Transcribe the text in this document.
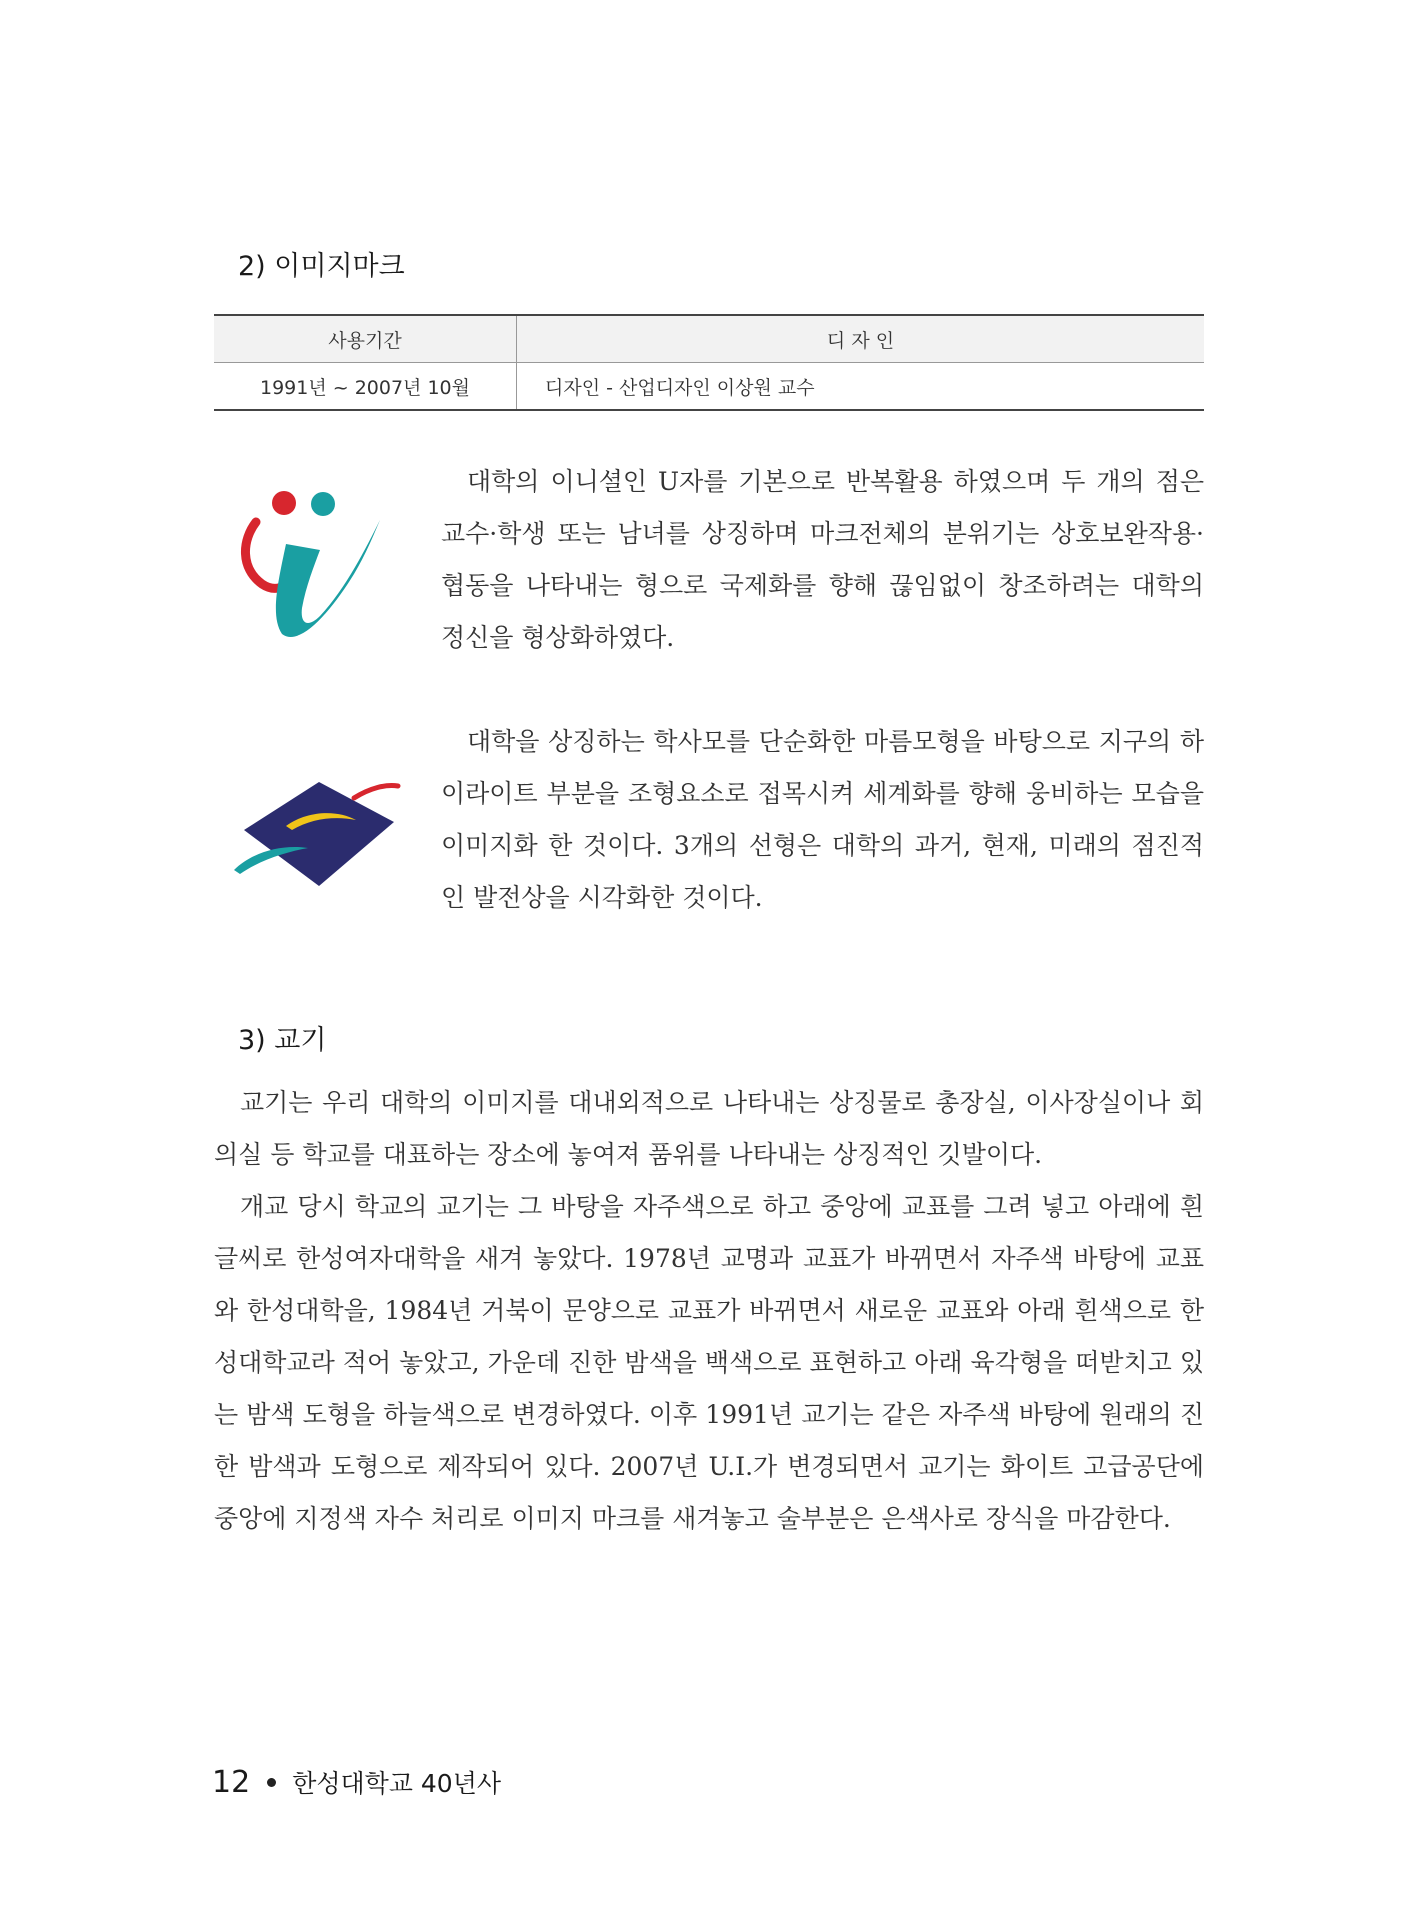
2) 이미지마크
사용기간	디 자 인
1991년 ~ 2007년 10월	디자인 - 산업디자인 이상원 교수

대학의 이니셜인 U자를 기본으로 반복활용 하였으며 두 개의 점은 교수·학생 또는 남녀를 상징하며 마크전체의 분위기는 상호보완작용·협동을 나타내는 형으로 국제화를 향해 끊임없이 창조하려는 대학의 정신을 형상화하였다.

대학을 상징하는 학사모를 단순화한 마름모형을 바탕으로 지구의 하이라이트 부분을 조형요소로 접목시켜 세계화를 향해 웅비하는 모습을 이미지화 한 것이다. 3개의 선형은 대학의 과거, 현재, 미래의 점진적인 발전상을 시각화한 것이다.

3) 교기

교기는 우리 대학의 이미지를 대내외적으로 나타내는 상징물로 총장실, 이사장실이나 회의실 등 학교를 대표하는 장소에 놓여져 품위를 나타내는 상징적인 깃발이다.

개교 당시 학교의 교기는 그 바탕을 자주색으로 하고 중앙에 교표를 그려 넣고 아래에 흰 글씨로 한성여자대학을 새겨 놓았다. 1978년 교명과 교표가 바뀌면서 자주색 바탕에 교표와 한성대학을, 1984년 거북이 문양으로 교표가 바뀌면서 새로운 교표와 아래 흰색으로 한성대학교라 적어 놓았고, 가운데 진한 밤색을 백색으로 표현하고 아래 육각형을 떠받치고 있는 밤색 도형을 하늘색으로 변경하였다. 이후 1991년 교기는 같은 자주색 바탕에 원래의 진한 밤색과 도형으로 제작되어 있다. 2007년 U.I.가 변경되면서 교기는 화이트 고급공단에 중앙에 지정색 자수 처리로 이미지 마크를 새겨놓고 술부분은 은색사로 장식을 마감한다.

12 한성대학교 40년사
